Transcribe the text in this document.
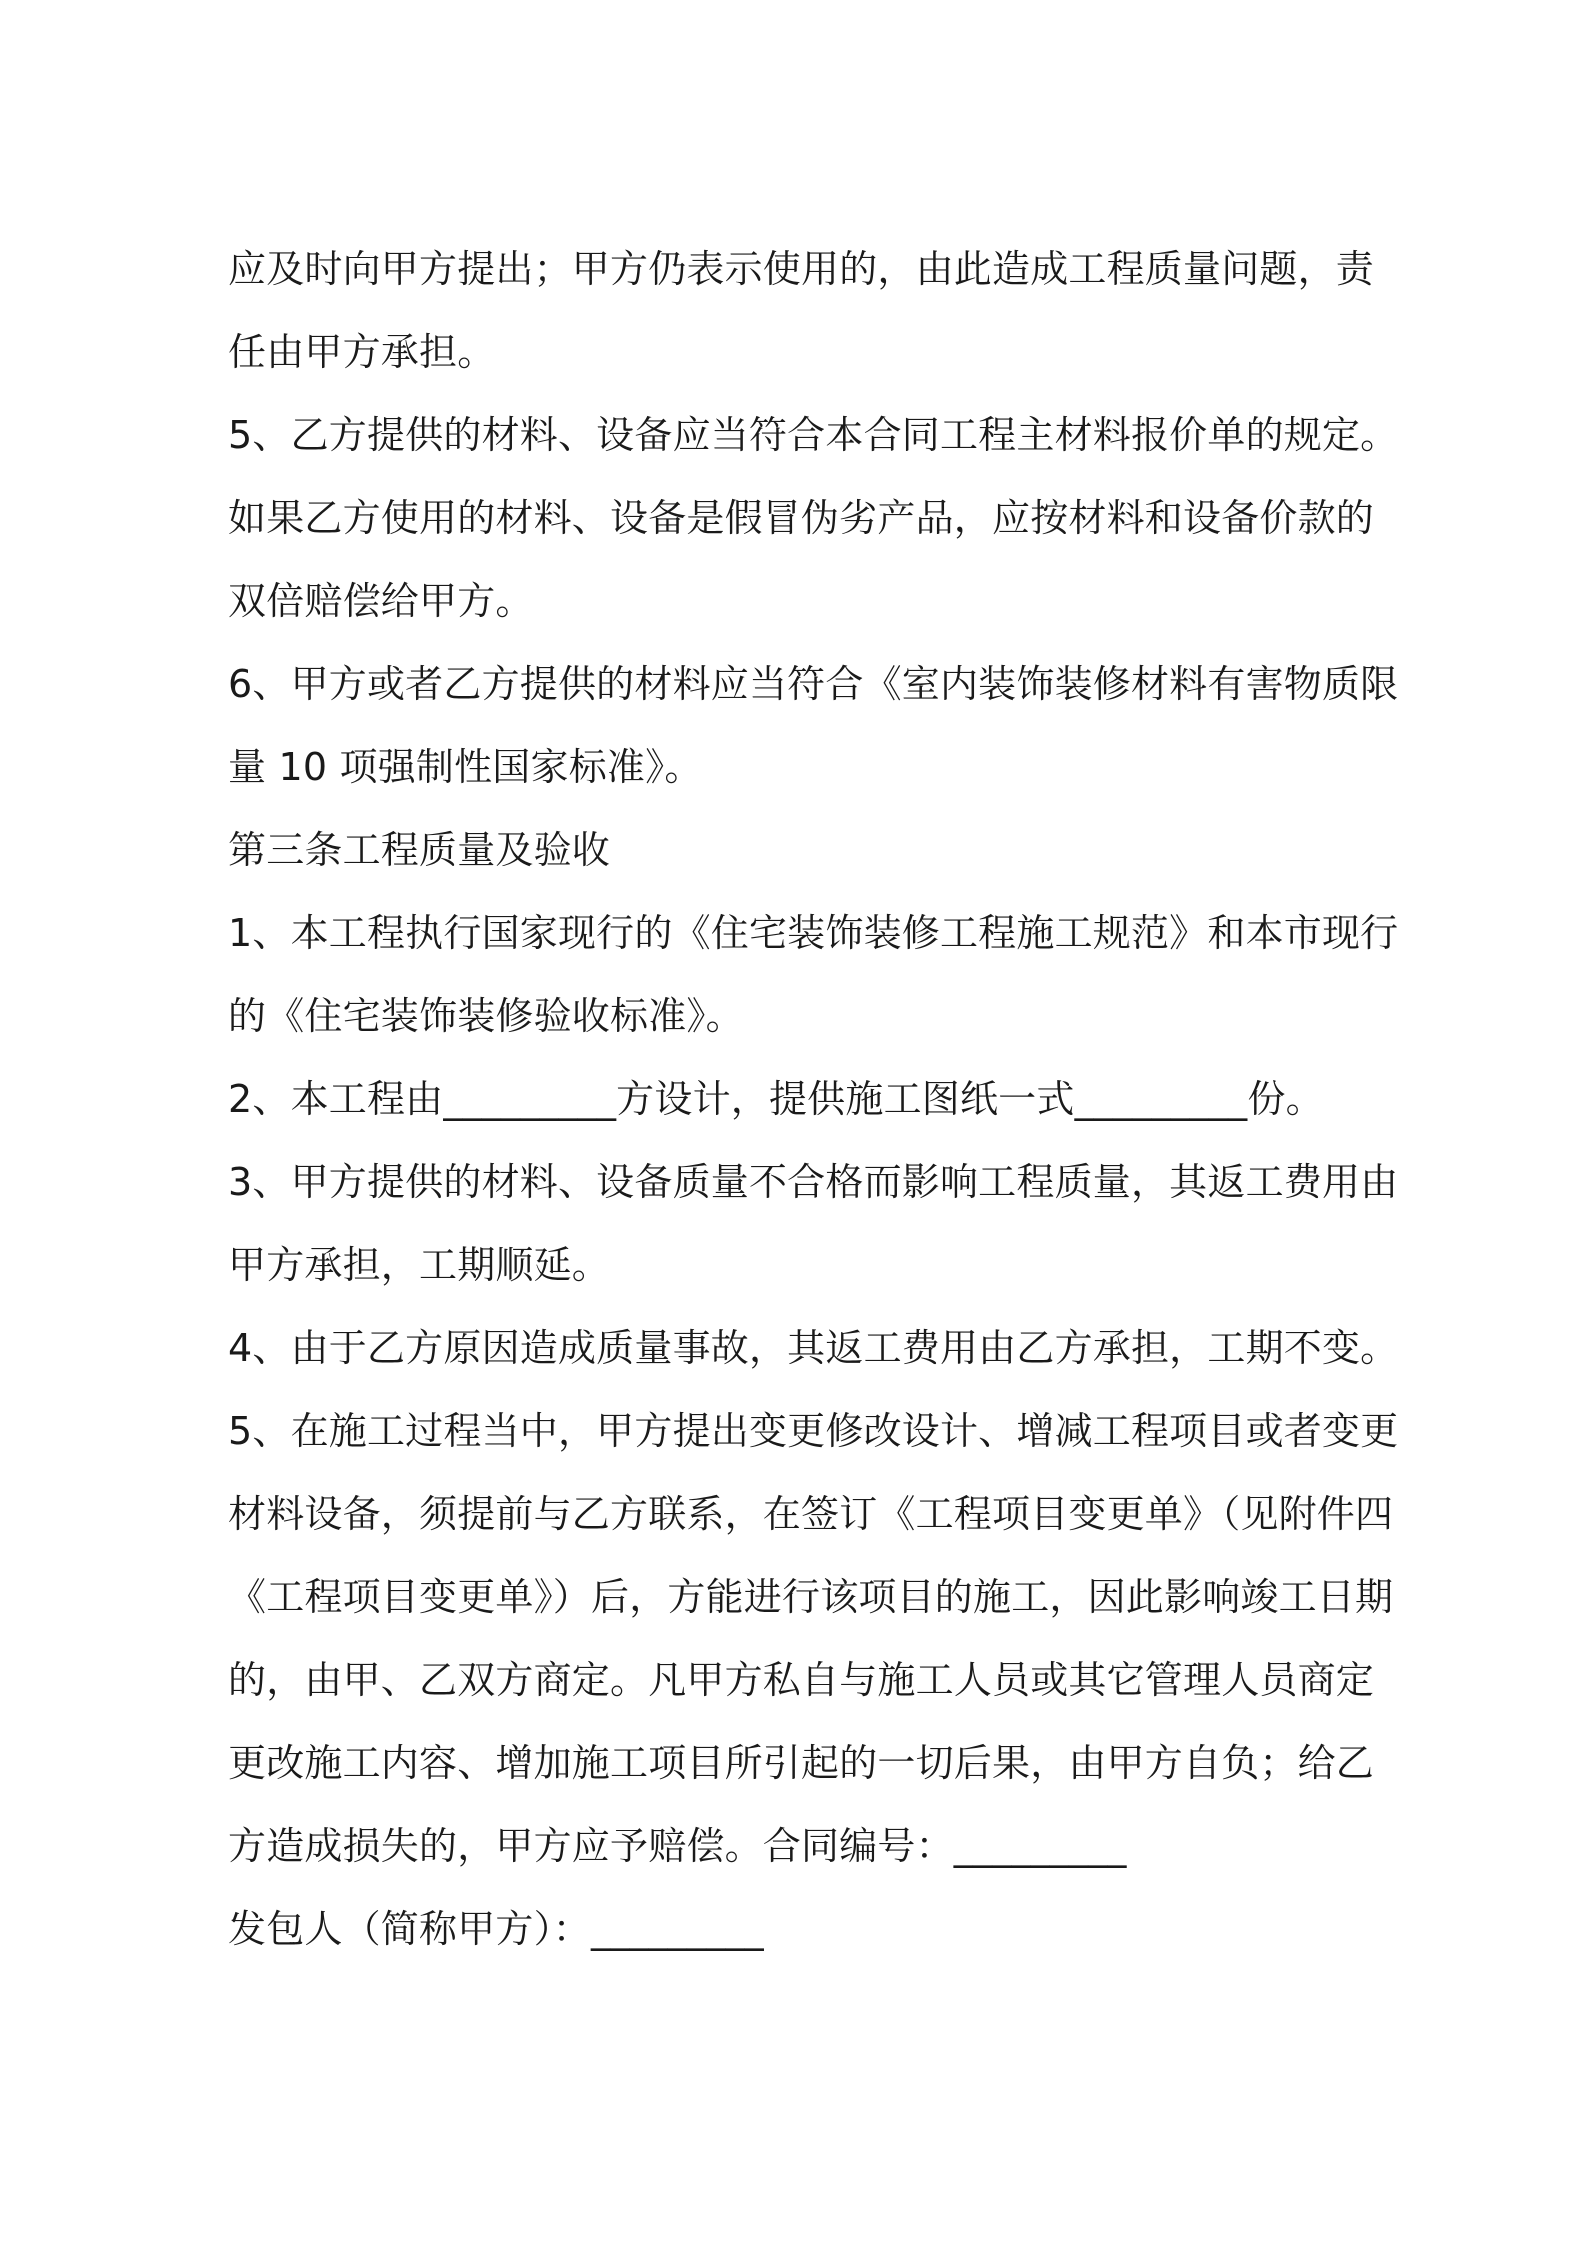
应及时向甲方提出；甲方仍表示使用的，由此造成工程质量问题，责
任由甲方承担。
5、乙方提供的材料、设备应当符合本合同工程主材料报价单的规定。
如果乙方使用的材料、设备是假冒伪劣产品，应按材料和设备价款的
双倍赔偿给甲方。
6、甲方或者乙方提供的材料应当符合《室内装饰装修材料有害物质限
量 10 项强制性国家标准》。
第三条工程质量及验收
1、本工程执行国家现行的《住宅装饰装修工程施工规范》和本市现行
的《住宅装饰装修验收标准》。
2、本工程由_________方设计，提供施工图纸一式_________份。
3、甲方提供的材料、设备质量不合格而影响工程质量，其返工费用由
甲方承担，工期顺延。
4、由于乙方原因造成质量事故，其返工费用由乙方承担，工期不变。
5、在施工过程当中，甲方提出变更修改设计、增减工程项目或者变更
材料设备，须提前与乙方联系，在签订《工程项目变更单》（见附件四
《工程项目变更单》）后，方能进行该项目的施工，因此影响竣工日期
的，由甲、乙双方商定。凡甲方私自与施工人员或其它管理人员商定
更改施工内容、增加施工项目所引起的一切后果，由甲方自负；给乙
方造成损失的，甲方应予赔偿。合同编号：_________
发包人（简称甲方）：_________
